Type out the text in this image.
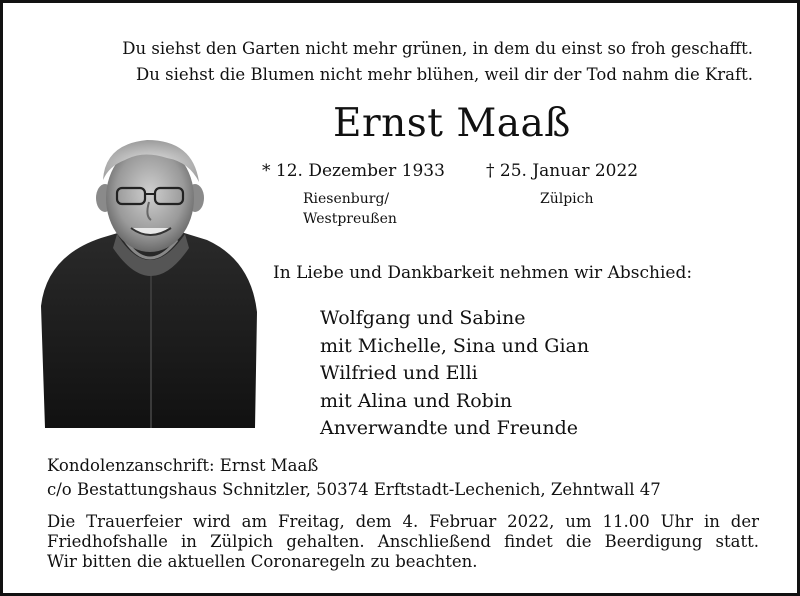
Du siehst den Garten nicht mehr grünen, in dem du einst so froh geschafft.
Du siehst die Blumen nicht mehr blühen, weil dir der Tod nahm die Kraft.
Ernst Maaß
* 12. Dezember 1933 † 25. Januar 2022
Riesenburg/
Westpreußen
Zülpich
In Liebe und Dankbarkeit nehmen wir Abschied:
Wolfgang und Sabine
mit Michelle, Sina und Gian
Wilfried und Elli
mit Alina und Robin
Anverwandte und Freunde
Kondolenzanschrift: Ernst Maaß
c/o Bestattungshaus Schnitzler, 50374 Erftstadt-Lechenich, Zehntwall 47
Die Trauerfeier wird am Freitag, dem 4. Februar 2022, um 11.00 Uhr in der
Friedhofshalle in Zülpich gehalten. Anschließend findet die Beerdigung statt.
Wir bitten die aktuellen Coronaregeln zu beachten.
